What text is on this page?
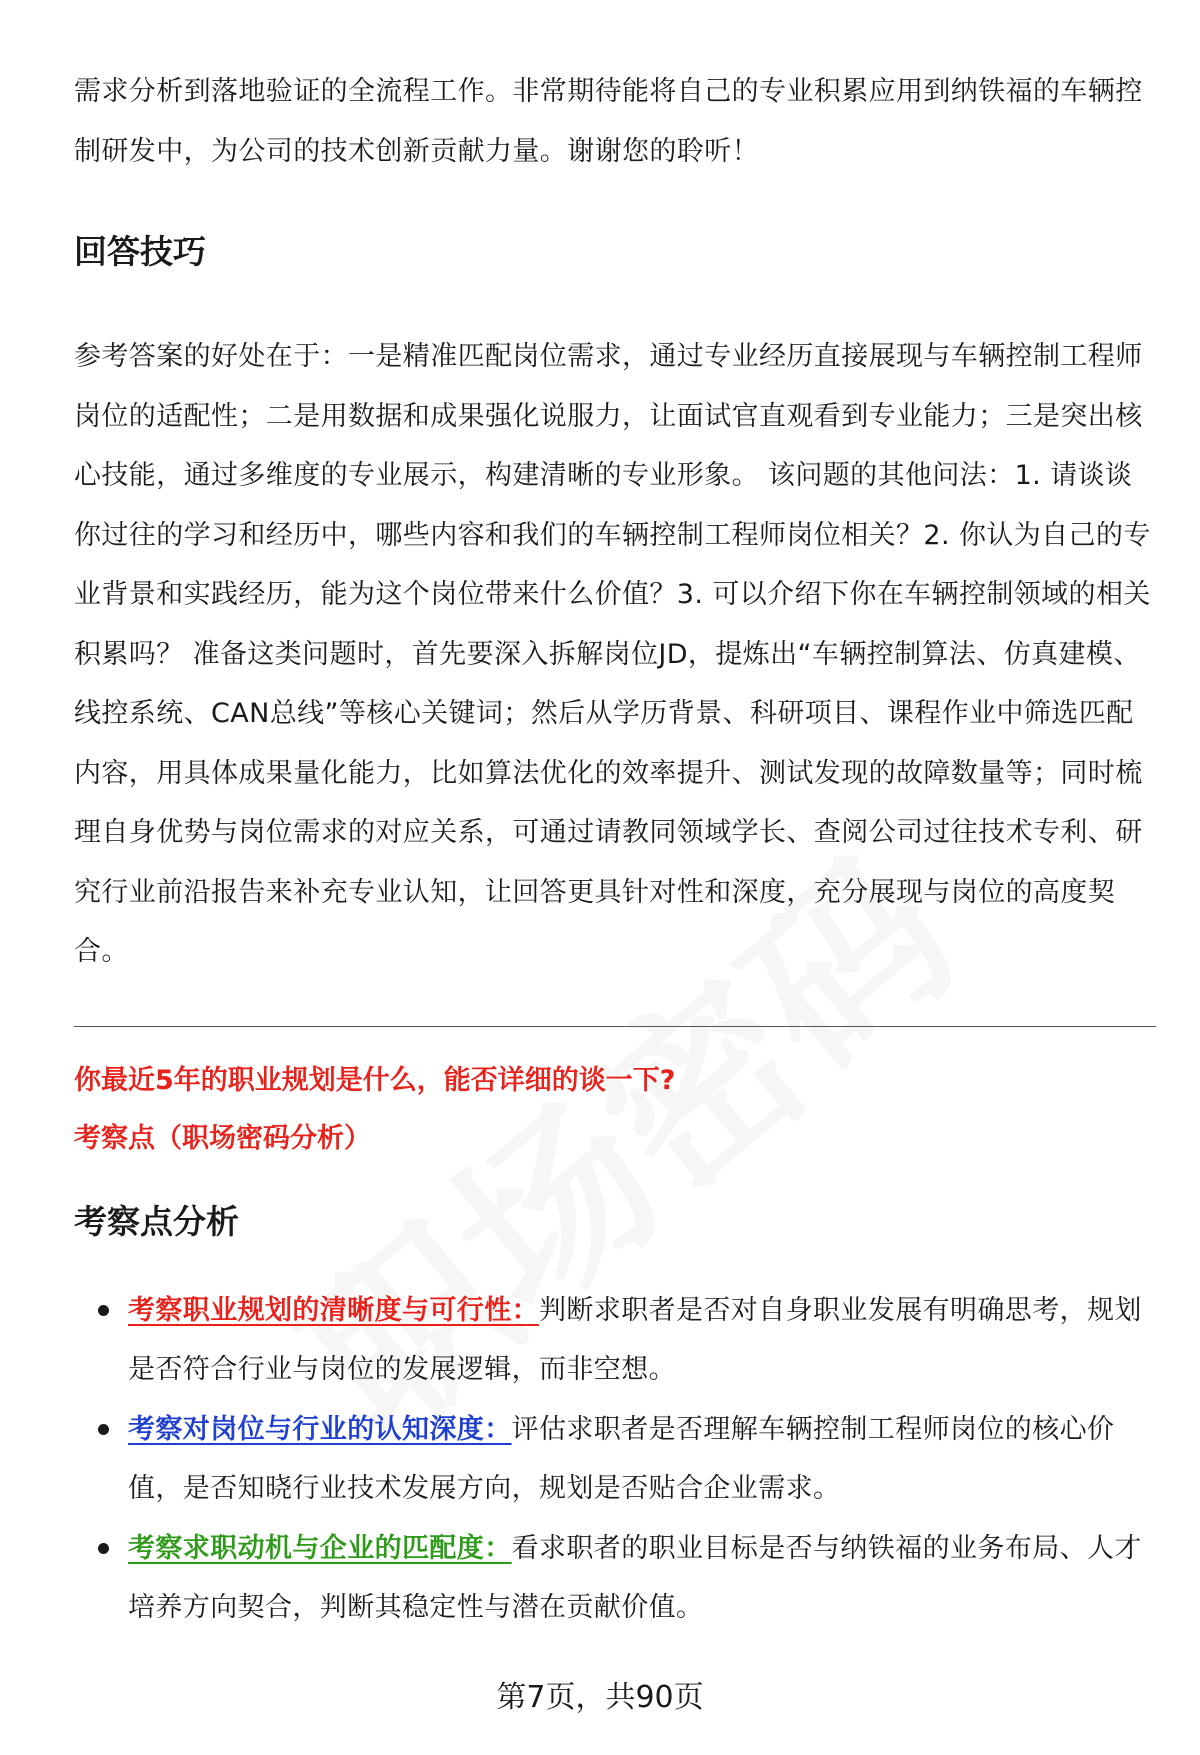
需求分析到落地验证的全流程工作。非常期待能将自己的专业积累应用到纳铁福的车辆控制研发中，为公司的技术创新贡献力量。谢谢您的聆听！

回答技巧

参考答案的好处在于：一是精准匹配岗位需求，通过专业经历直接展现与车辆控制工程师岗位的适配性；二是用数据和成果强化说服力，让面试官直观看到专业能力；三是突出核心技能，通过多维度的专业展示，构建清晰的专业形象。 该问题的其他问法：1. 请谈谈你过往的学习和经历中，哪些内容和我们的车辆控制工程师岗位相关？2. 你认为自己的专业背景和实践经历，能为这个岗位带来什么价值？3. 可以介绍下你在车辆控制领域的相关积累吗？ 准备这类问题时，首先要深入拆解岗位JD，提炼出“车辆控制算法、仿真建模、线控系统、CAN总线”等核心关键词；然后从学历背景、科研项目、课程作业中筛选匹配内容，用具体成果量化能力，比如算法优化的效率提升、测试发现的故障数量等；同时梳理自身优势与岗位需求的对应关系，可通过请教同领域学长、查阅公司过往技术专利、研究行业前沿报告来补充专业认知，让回答更具针对性和深度，充分展现与岗位的高度契合。

你最近5年的职业规划是什么，能否详细的谈一下?

考察点（职场密码分析）

考察点分析
考察职业规划的清晰度与可行性：判断求职者是否对自身职业发展有明确思考，规划是否符合行业与岗位的发展逻辑，而非空想。
考察对岗位与行业的认知深度：评估求职者是否理解车辆控制工程师岗位的核心价值，是否知晓行业技术发展方向，规划是否贴合企业需求。
考察求职动机与企业的匹配度：看求职者的职业目标是否与纳铁福的业务布局、人才培养方向契合，判断其稳定性与潜在贡献价值。
第7页，共90页
